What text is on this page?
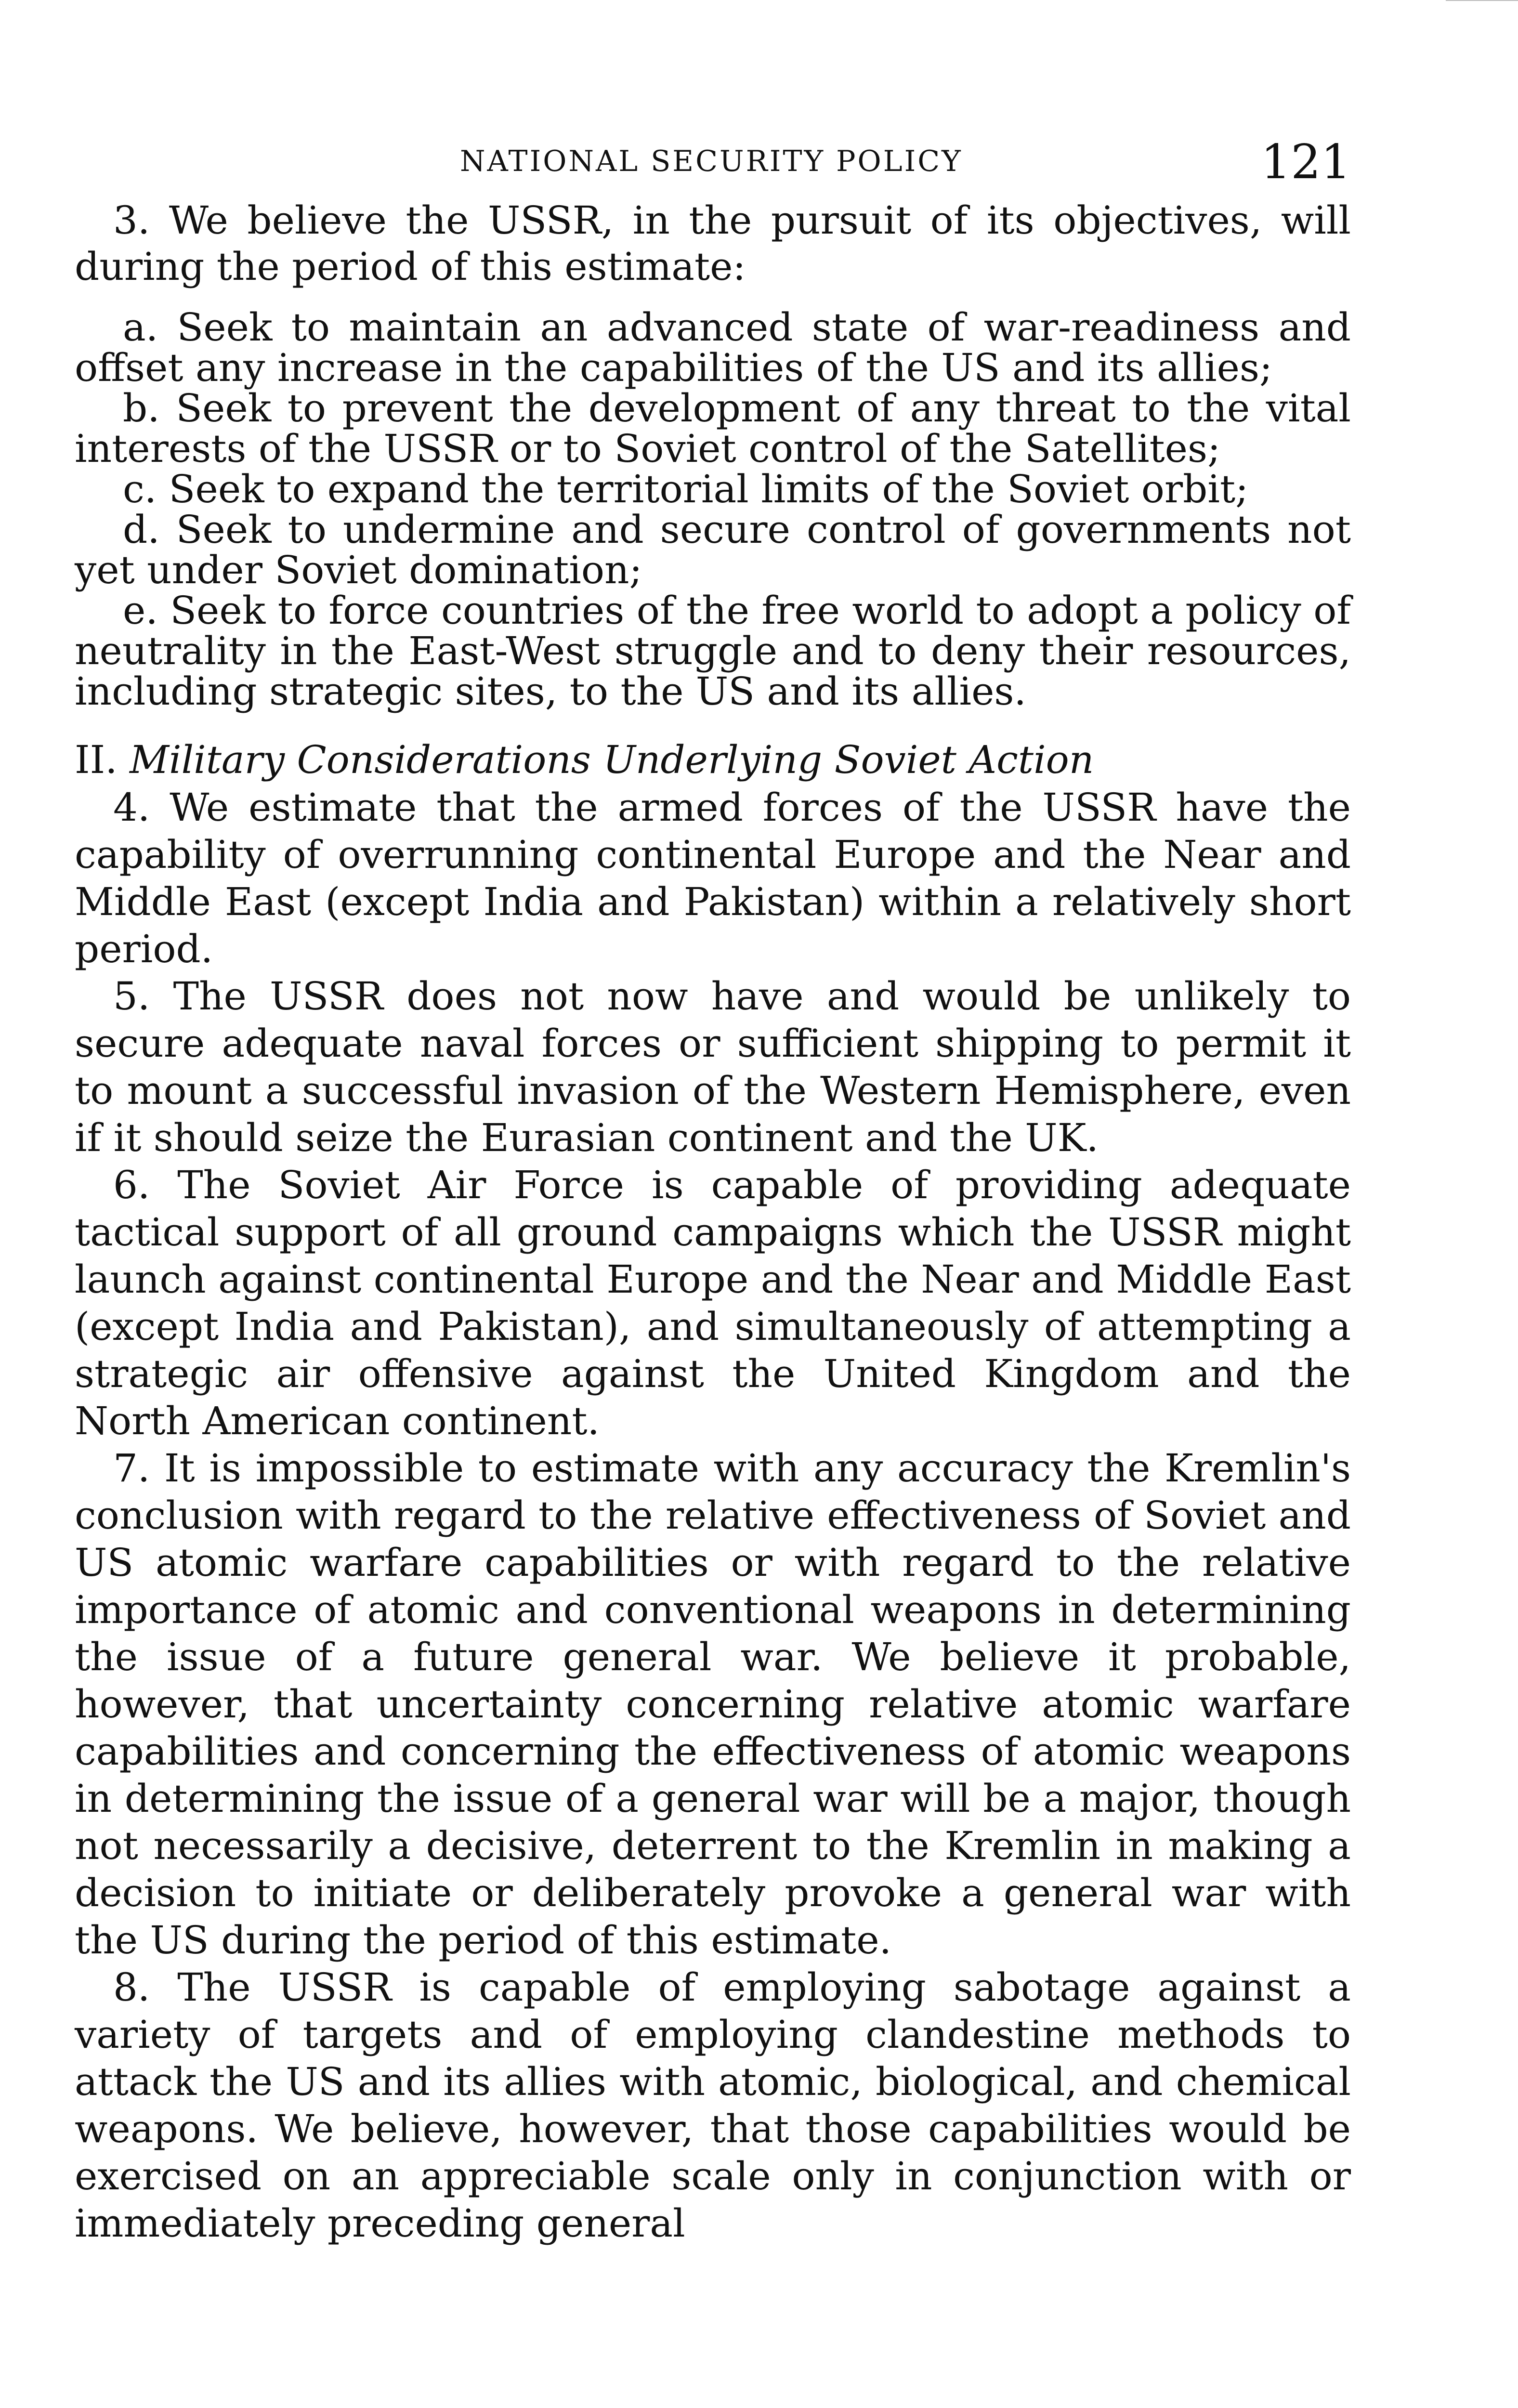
NATIONAL SECURITY POLICY	121

3. We believe the USSR, in the pursuit of its objectives, will during the period of this estimate:

a. Seek to maintain an advanced state of war-readiness and offset any increase in the capabilities of the US and its allies;

b. Seek to prevent the development of any threat to the vital interests of the USSR or to Soviet control of the Satellites;

c. Seek to expand the territorial limits of the Soviet orbit;

d. Seek to undermine and secure control of governments not yet under Soviet domination;

e. Seek to force countries of the free world to adopt a policy of neutrality in the East-West struggle and to deny their resources, including strategic sites, to the US and its allies.

II. Military Considerations Underlying Soviet Action

4. We estimate that the armed forces of the USSR have the capability of overrunning continental Europe and the Near and Middle East (except India and Pakistan) within a relatively short period.

5. The USSR does not now have and would be unlikely to secure adequate naval forces or sufficient shipping to permit it to mount a successful invasion of the Western Hemisphere, even if it should seize the Eurasian continent and the UK.

6. The Soviet Air Force is capable of providing adequate tactical support of all ground campaigns which the USSR might launch against continental Europe and the Near and Middle East (except India and Pakistan), and simultaneously of attempting a strategic air offensive against the United Kingdom and the North American continent.

7. It is impossible to estimate with any accuracy the Kremlin's conclusion with regard to the relative effectiveness of Soviet and US atomic warfare capabilities or with regard to the relative importance of atomic and conventional weapons in determining the issue of a future general war. We believe it probable, however, that uncertainty concerning relative atomic warfare capabilities and concerning the effectiveness of atomic weapons in determining the issue of a general war will be a major, though not necessarily a decisive, deterrent to the Kremlin in making a decision to initiate or deliberately provoke a general war with the US during the period of this estimate.

8. The USSR is capable of employing sabotage against a variety of targets and of employing clandestine methods to attack the US and its allies with atomic, biological, and chemical weapons. We believe, however, that those capabilities would be exercised on an appreciable scale only in conjunction with or immediately preceding general
